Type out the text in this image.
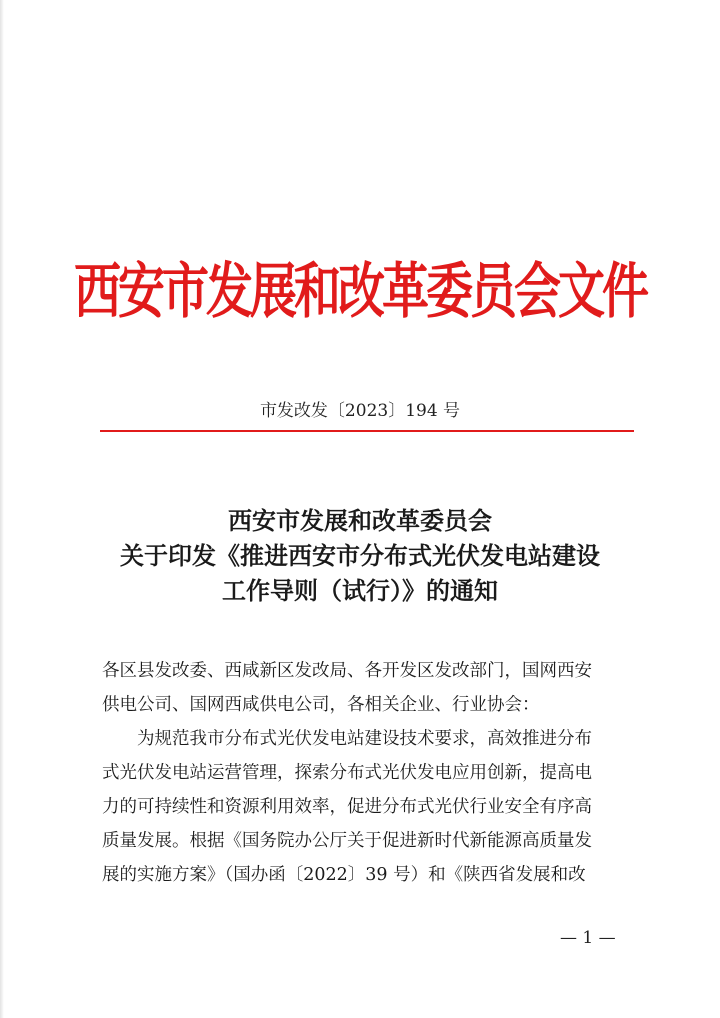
西安市发展和改革委员会文件
市发改发〔2023〕194 号
西安市发展和改革委员会
关于印发《推进西安市分布式光伏发电站建设
工作导则（试行）》的通知
各区县发改委、西咸新区发改局、各开发区发改部门，国网西安
供电公司、国网西咸供电公司，各相关企业、行业协会：
为规范我市分布式光伏发电站建设技术要求，高效推进分布
式光伏发电站运营管理，探索分布式光伏发电应用创新，提高电
力的可持续性和资源利用效率，促进分布式光伏行业安全有序高
质量发展。根据《国务院办公厅关于促进新时代新能源高质量发
展的实施方案》（国办函〔2022〕39 号）和《陕西省发展和改
— 1 —
